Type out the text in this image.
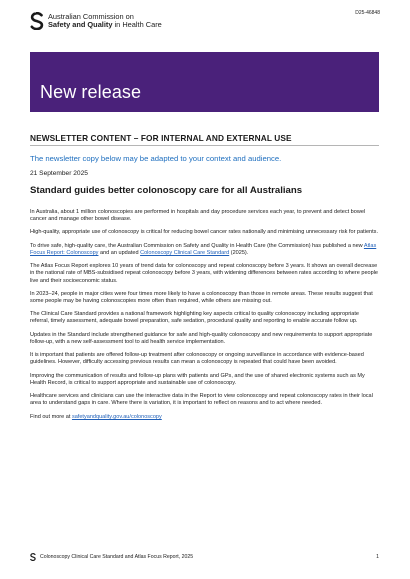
D25-46848
Australian Commission on
Safety and Quality in Health Care
New release
NEWSLETTER CONTENT – FOR INTERNAL AND EXTERNAL USE
The newsletter copy below may be adapted to your context and audience.
21 September 2025
Standard guides better colonoscopy care for all Australians

In Australia, about 1 million colonoscopies are performed in hospitals and day procedure services each year, to prevent and detect bowel cancer and manage other bowel disease.

High-quality, appropriate use of colonoscopy is critical for reducing bowel cancer rates nationally and minimising unnecessary risk for patients.

To drive safe, high-quality care, the Australian Commission on Safety and Quality in Health Care (the Commission) has published a new Atlas Focus Report: Colonoscopy and an updated Colonoscopy Clinical Care Standard (2025).

The Atlas Focus Report explores 10 years of trend data for colonoscopy and repeat colonoscopy before 3 years. It shows an overall decrease in the national rate of MBS-subsidised repeat colonoscopy before 3 years, with widening differences between rates according to where people live and their socioeconomic status.

In 2023–24, people in major cities were four times more likely to have a colonoscopy than those in remote areas. These results suggest that some people may be having colonoscopies more often than required, while others are missing out.

The Clinical Care Standard provides a national framework highlighting key aspects critical to quality colonoscopy including appropriate referral, timely assessment, adequate bowel preparation, safe sedation, procedural quality and reporting to enable accurate follow up.

Updates in the Standard include strengthened guidance for safe and high-quality colonoscopy and new requirements to support appropriate follow-up, with a new self-assessment tool to aid health service implementation.

It is important that patients are offered follow-up treatment after colonoscopy or ongoing surveillance in accordance with evidence-based guidelines. However, difficulty accessing previous results can mean a colonoscopy is repeated that could have been avoided.

Improving the communication of results and follow-up plans with patients and GPs, and the use of shared electronic systems such as My Health Record, is critical to support appropriate and sustainable use of colonoscopy.

Healthcare services and clinicians can use the interactive data in the Report to view colonoscopy and repeat colonoscopy rates in their local area to understand gaps in care. Where there is variation, it is important to reflect on reasons and to act where needed.

Find out more at safetyandquality.gov.au/colonoscopy

Colonoscopy Clinical Care Standard and Atlas Focus Report, 2025	1
